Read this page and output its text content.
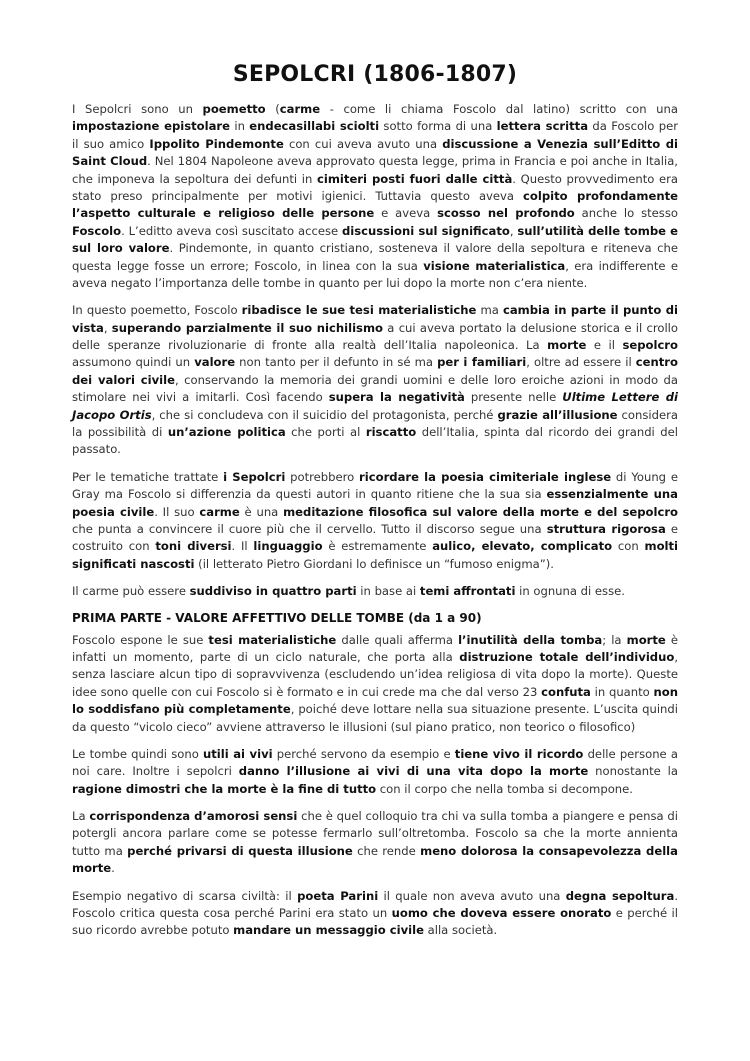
SEPOLCRI (1806-1807)

I Sepolcri sono un poemetto (carme - come li chiama Foscolo dal latino) scritto con una impostazione epistolare in endecasillabi sciolti sotto forma di una lettera scritta da Foscolo per il suo amico Ippolito Pindemonte con cui aveva avuto una discussione a Venezia sull’Editto di Saint Cloud. Nel 1804 Napoleone aveva approvato questa legge, prima in Francia e poi anche in Italia, che imponeva la sepoltura dei defunti in cimiteri posti fuori dalle città. Questo provvedimento era stato preso principalmente per motivi igienici. Tuttavia questo aveva colpito profondamente l’aspetto culturale e religioso delle persone e aveva scosso nel profondo anche lo stesso Foscolo. L’editto aveva così suscitato accese discussioni sul significato, sull’utilità delle tombe e sul loro valore. Pindemonte, in quanto cristiano, sosteneva il valore della sepoltura e riteneva che questa legge fosse un errore; Foscolo, in linea con la sua visione materialistica, era indifferente e aveva negato l’importanza delle tombe in quanto per lui dopo la morte non c’era niente.

In questo poemetto, Foscolo ribadisce le sue tesi materialistiche ma cambia in parte il punto di vista, superando parzialmente il suo nichilismo a cui aveva portato la delusione storica e il crollo delle speranze rivoluzionarie di fronte alla realtà dell’Italia napoleonica. La morte e il sepolcro assumono quindi un valore non tanto per il defunto in sé ma per i familiari, oltre ad essere il centro dei valori civile, conservando la memoria dei grandi uomini e delle loro eroiche azioni in modo da stimolare nei vivi a imitarli. Così facendo supera la negatività presente nelle Ultime Lettere di Jacopo Ortis, che si concludeva con il suicidio del protagonista, perché grazie all’illusione considera la possibilità di un’azione politica che porti al riscatto dell’Italia, spinta dal ricordo dei grandi del passato.

Per le tematiche trattate i Sepolcri potrebbero ricordare la poesia cimiteriale inglese di Young e Gray ma Foscolo si differenzia da questi autori in quanto ritiene che la sua sia essenzialmente una poesia civile. Il suo carme è una meditazione filosofica sul valore della morte e del sepolcro che punta a convincere il cuore più che il cervello. Tutto il discorso segue una struttura rigorosa e costruito con toni diversi. Il linguaggio è estremamente aulico, elevato, complicato con molti significati nascosti (il letterato Pietro Giordani lo definisce un “fumoso enigma”).

Il carme può essere suddiviso in quattro parti in base ai temi affrontati in ognuna di esse.

PRIMA PARTE - VALORE AFFETTIVO DELLE TOMBE (da 1 a 90)

Foscolo espone le sue tesi materialistiche dalle quali afferma l’inutilità della tomba; la morte è infatti un momento, parte di un ciclo naturale, che porta alla distruzione totale dell’individuo, senza lasciare alcun tipo di sopravvivenza (escludendo un’idea religiosa di vita dopo la morte). Queste idee sono quelle con cui Foscolo si è formato e in cui crede ma che dal verso 23 confuta in quanto non lo soddisfano più completamente, poiché deve lottare nella sua situazione presente. L’uscita quindi da questo “vicolo cieco” avviene attraverso le illusioni (sul piano pratico, non teorico o filosofico)

Le tombe quindi sono utili ai vivi perché servono da esempio e tiene vivo il ricordo delle persone a noi care. Inoltre i sepolcri danno l’illusione ai vivi di una vita dopo la morte nonostante la ragione dimostri che la morte è la fine di tutto con il corpo che nella tomba si decompone.

La corrispondenza d’amorosi sensi che è quel colloquio tra chi va sulla tomba a piangere e pensa di potergli ancora parlare come se potesse fermarlo sull’oltretomba. Foscolo sa che la morte annienta tutto ma perché privarsi di questa illusione che rende meno dolorosa la consapevolezza della morte.

Esempio negativo di scarsa civiltà: il poeta Parini il quale non aveva avuto una degna sepoltura. Foscolo critica questa cosa perché Parini era stato un uomo che doveva essere onorato e perché il suo ricordo avrebbe potuto mandare un messaggio civile alla società.
